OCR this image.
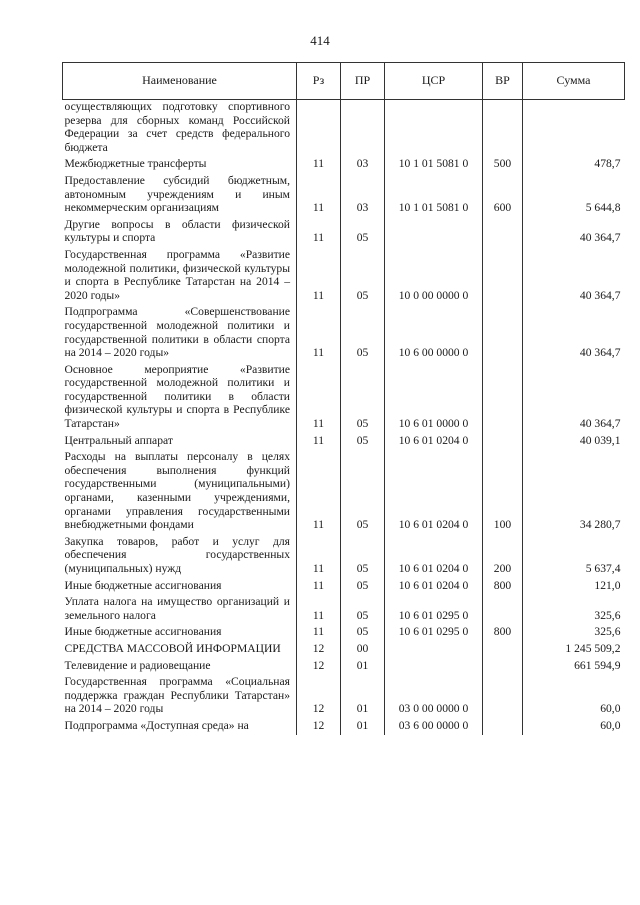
414
Наименование	Рз	ПР	ЦСР	ВР	Сумма
осуществляющих подготовку спортивного резерва для сборных команд Российской Федерации за счет средств федерального бюджета					
Межбюджетные трансферты	11	03	10 1 01 5081 0	500	478,7
Предоставление субсидий бюджетным, автономным учреждениям и иным некоммерческим организациям	11	03	10 1 01 5081 0	600	5 644,8
Другие вопросы в области физической культуры и спорта	11	05			40 364,7
Государственная программа «Развитие молодежной политики, физической культуры и спорта в Республике Татарстан на 2014 – 2020 годы»	11	05	10 0 00 0000 0		40 364,7
Подпрограмма «Совершенствование государственной молодежной политики и государственной политики в области спорта на 2014 – 2020 годы»	11	05	10 6 00 0000 0		40 364,7
Основное мероприятие «Развитие государственной молодежной политики и государственной политики в области физической культуры и спорта в Республике Татарстан»	11	05	10 6 01 0000 0		40 364,7
Центральный аппарат	11	05	10 6 01 0204 0		40 039,1
Расходы на выплаты персоналу в целях обеспечения выполнения функций государственными (муниципальными) органами, казенными учреждениями, органами управления государственными внебюджетными фондами	11	05	10 6 01 0204 0	100	34 280,7
Закупка товаров, работ и услуг для обеспечения государственных (муниципальных) нужд	11	05	10 6 01 0204 0	200	5 637,4
Иные бюджетные ассигнования	11	05	10 6 01 0204 0	800	121,0
Уплата налога на имущество организаций и земельного налога	11	05	10 6 01 0295 0		325,6
Иные бюджетные ассигнования	11	05	10 6 01 0295 0	800	325,6
СРЕДСТВА МАССОВОЙ ИНФОРМАЦИИ	12	00			1 245 509,2
Телевидение и радиовещание	12	01			661 594,9
Государственная программа «Социальная поддержка граждан Республики Татарстан» на 2014 – 2020 годы	12	01	03 0 00 0000 0		60,0
Подпрограмма «Доступная среда» на	12	01	03 6 00 0000 0		60,0
